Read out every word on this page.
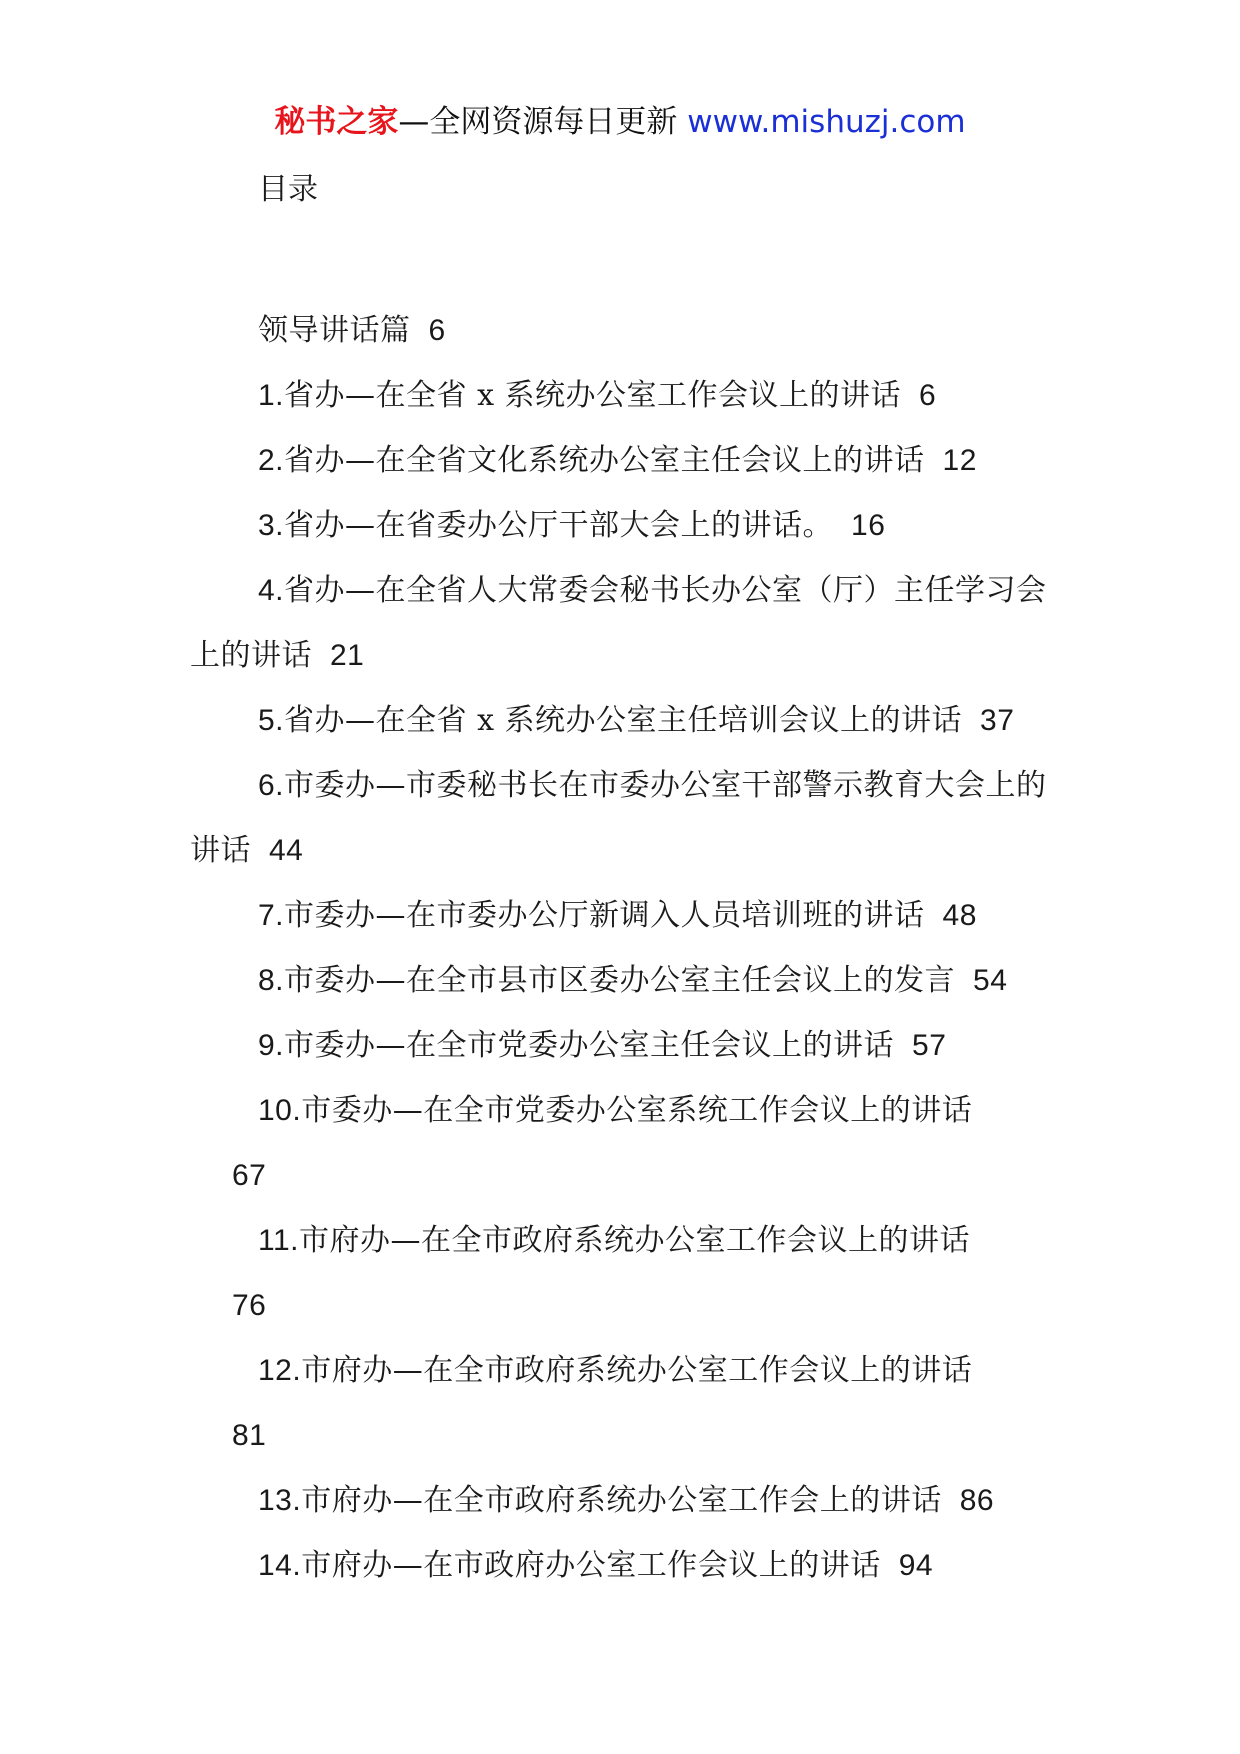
秘书之家—全网资源每日更新 www.mishuzj.com
目录
领导讲话篇 6
1.省办—在全省 x 系统办公室工作会议上的讲话 6
2.省办—在全省文化系统办公室主任会议上的讲话 12
3.省办—在省委办公厅干部大会上的讲话。 16
4.省办—在全省人大常委会秘书长办公室（厅）主任学习会上的讲话 21
5.省办—在全省 x 系统办公室主任培训会议上的讲话 37
6.市委办—市委秘书长在市委办公室干部警示教育大会上的讲话 44
7.市委办—在市委办公厅新调入人员培训班的讲话 48
8.市委办—在全市县市区委办公室主任会议上的发言 54
9.市委办—在全市党委办公室主任会议上的讲话 57
10.市委办—在全市党委办公室系统工作会议上的讲话
67
11.市府办—在全市政府系统办公室工作会议上的讲话
76
12.市府办—在全市政府系统办公室工作会议上的讲话
81
13.市府办—在全市政府系统办公室工作会上的讲话 86
14.市府办—在市政府办公室工作会议上的讲话 94
